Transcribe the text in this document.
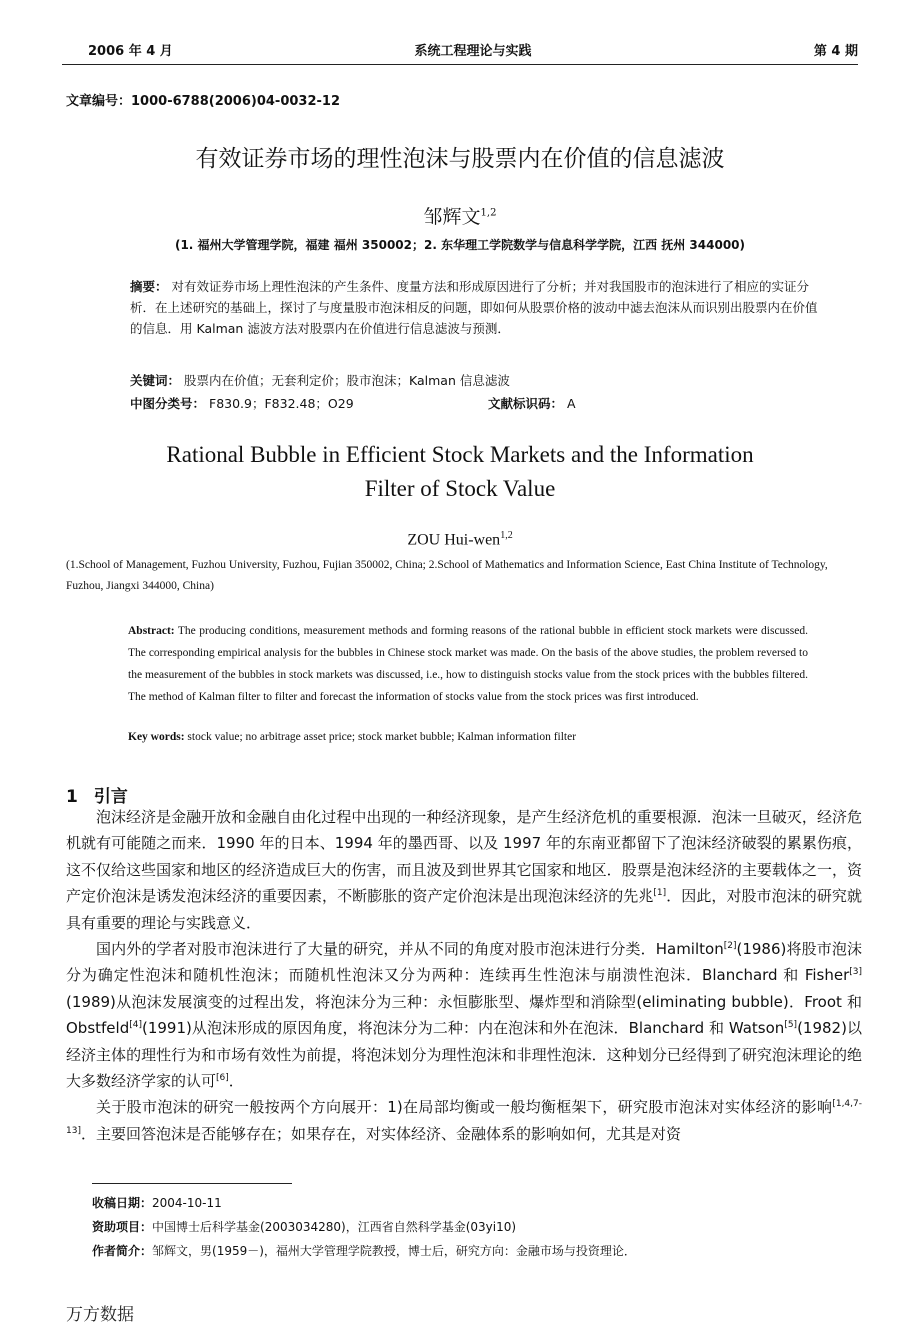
2006 年 4 月	系统工程理论与实践	第 4 期
文章编号：1000-6788(2006)04-0032-12
有效证券市场的理性泡沫与股票内在价值的信息滤波
邹辉文$^{1,2}$
(1. 福州大学管理学院，福建 福州 350002；2. 东华理工学院数学与信息科学学院，江西 抚州 344000)
摘要： 对有效证券市场上理性泡沫的产生条件、度量方法和形成原因进行了分析；并对我国股市的泡沫进行了相应的实证分析．在上述研究的基础上，探讨了与度量股市泡沫相反的问题，即如何从股票价格的波动中滤去泡沫从而识别出股票内在价值的信息．用 Kalman 滤波方法对股票内在价值进行信息滤波与预测．
关键词： 股票内在价值；无套利定价；股市泡沫；Kalman 信息滤波
中图分类号： F830.9；F832.48；O29	文献标识码： A
Rational Bubble in Efficient Stock Markets and the Information
Filter of Stock Value
ZOU Hui-wen$^{1,2}$
(1.School of Management, Fuzhou University, Fuzhou, Fujian 350002, China; 2.School of Mathematics and Information Science, East China Institute of Technology, Fuzhou, Jiangxi 344000, China)
Abstract: The producing conditions, measurement methods and forming reasons of the rational bubble in efficient stock markets were discussed. The corresponding empirical analysis for the bubbles in Chinese stock market was made. On the basis of the above studies, the problem reversed to the measurement of the bubbles in stock markets was discussed, i.e., how to distinguish stocks value from the stock prices with the bubbles filtered. The method of Kalman filter to filter and forecast the information of stocks value from the stock prices was first introduced.
Key words: stock value; no arbitrage asset price; stock market bubble; Kalman information filter
1 引言

泡沫经济是金融开放和金融自由化过程中出现的一种经济现象，是产生经济危机的重要根源．泡沫一旦破灭，经济危机就有可能随之而来．1990 年的日本、1994 年的墨西哥、以及 1997 年的东南亚都留下了泡沫经济破裂的累累伤痕，这不仅给这些国家和地区的经济造成巨大的伤害，而且波及到世界其它国家和地区．股票是泡沫经济的主要载体之一，资产定价泡沫是诱发泡沫经济的重要因素，不断膨胀的资产定价泡沫是出现泡沫经济的先兆[1]．因此，对股市泡沫的研究就具有重要的理论与实践意义．

国内外的学者对股市泡沫进行了大量的研究，并从不同的角度对股市泡沫进行分类．Hamilton[2](1986)将股市泡沫分为确定性泡沫和随机性泡沫；而随机性泡沫又分为两种：连续再生性泡沫与崩溃性泡沫．Blanchard 和 Fisher[3](1989)从泡沫发展演变的过程出发，将泡沫分为三种：永恒膨胀型、爆炸型和消除型(eliminating bubble)．Froot 和 Obstfeld[4](1991)从泡沫形成的原因角度，将泡沫分为二种：内在泡沫和外在泡沫．Blanchard 和 Watson[5](1982)以经济主体的理性行为和市场有效性为前提，将泡沫划分为理性泡沫和非理性泡沫．这种划分已经得到了研究泡沫理论的绝大多数经济学家的认可[6]．

关于股市泡沫的研究一般按两个方向展开：1)在局部均衡或一般均衡框架下，研究股市泡沫对实体经济的影响[1,4,7-13]．主要回答泡沫是否能够存在；如果存在，对实体经济、金融体系的影响如何，尤其是对资

收稿日期：2004-10-11
资助项目：中国博士后科学基金(2003034280)，江西省自然科学基金(03yi10)
作者简介：邹辉文，男(1959－)，福州大学管理学院教授，博士后，研究方向：金融市场与投资理论．
万方数据
